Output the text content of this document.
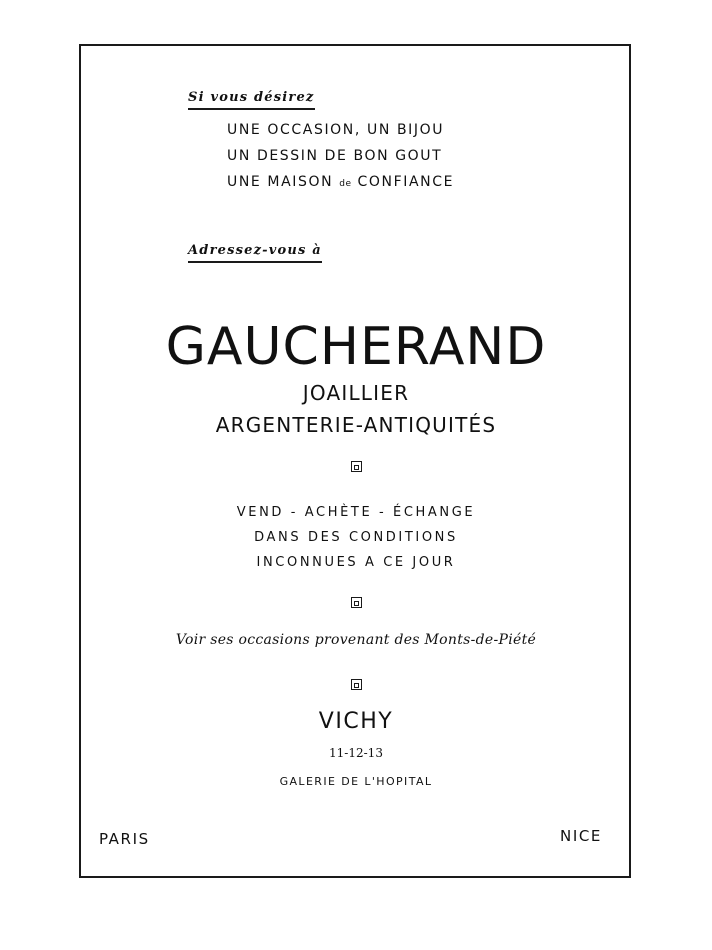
Si vous désirez
UNE OCCASION, UN BIJOU
UN DESSIN DE BON GOUT
UNE MAISON de CONFIANCE
Adressez-vous à
GAUCHERAND
JOAILLIER
ARGENTERIE-ANTIQUITÉS
VEND - ACHÈTE - ÉCHANGE
DANS DES CONDITIONS
INCONNUES A CE JOUR
Voir ses occasions provenant des Monts-de-Piété
VICHY
11-12-13
GALERIE DE L'HOPITAL
PARIS	NICE
